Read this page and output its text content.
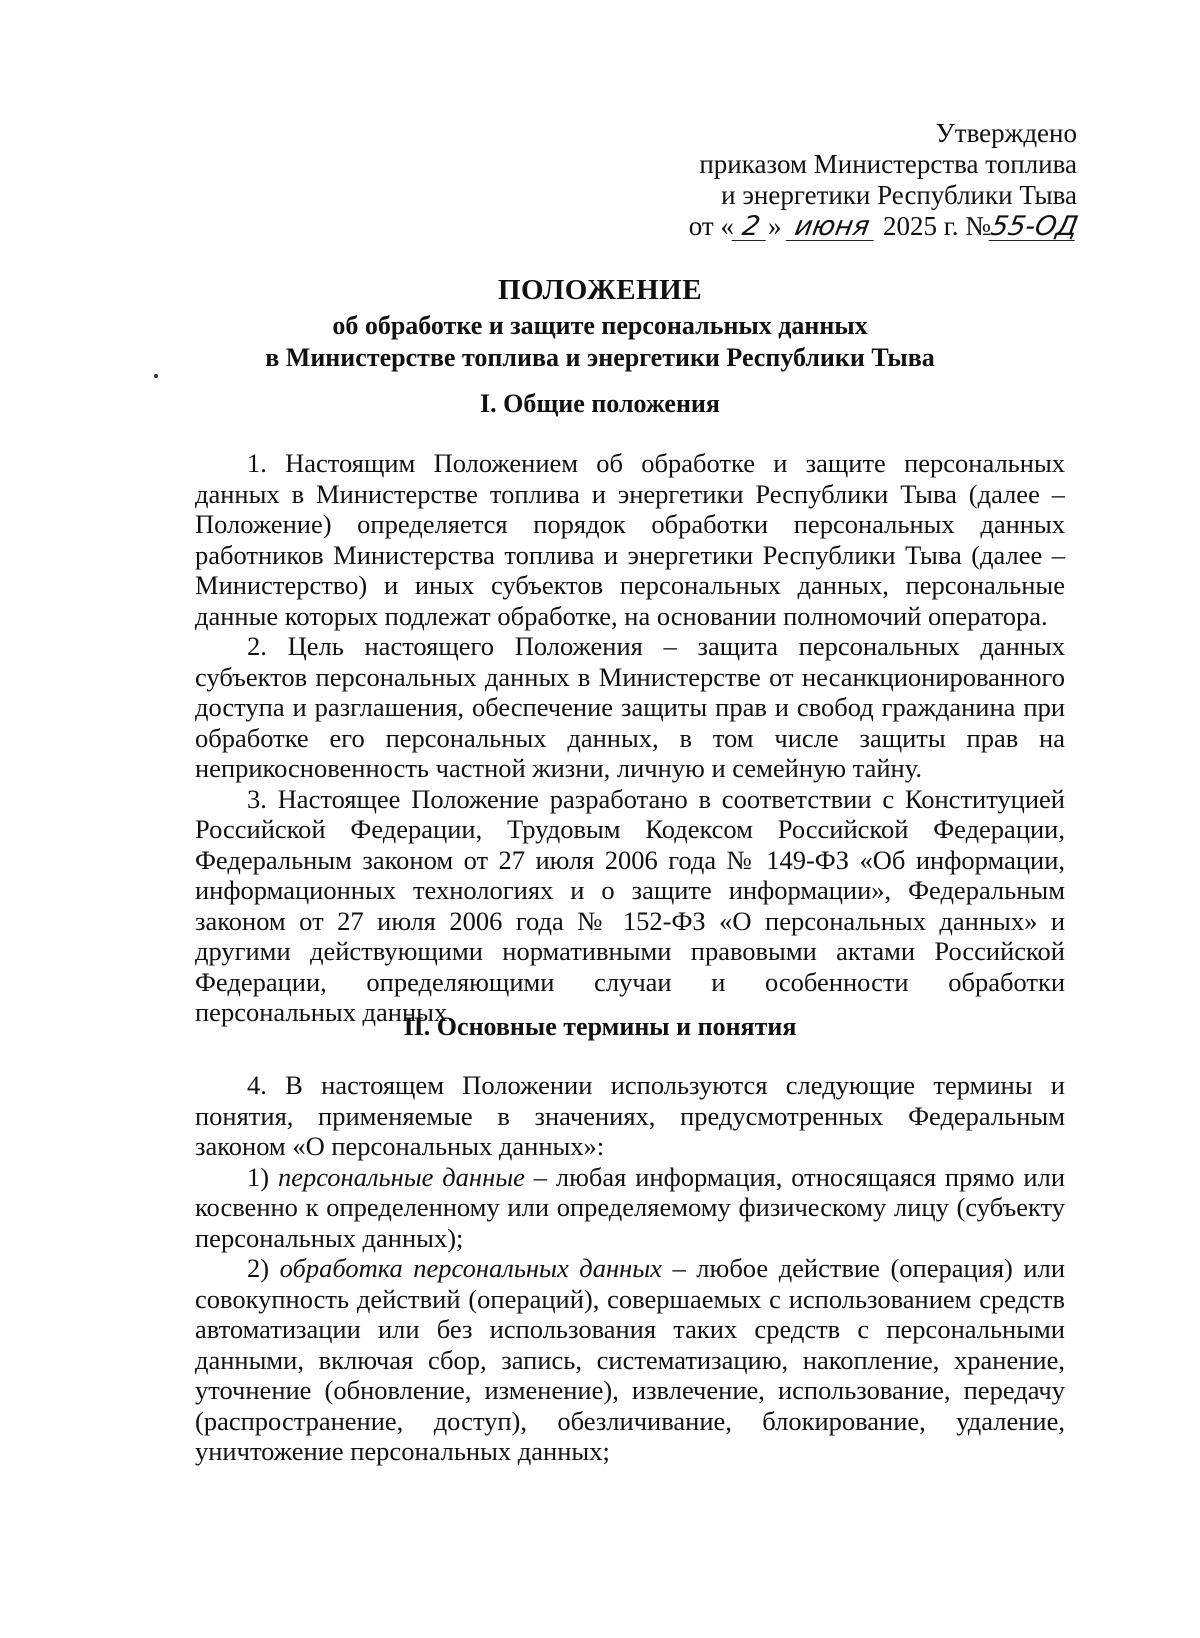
Утверждено
приказом Министерства топлива
и энергетики Республики Тыва
от « 2 » июня 2025 г. №55-ОД
ПОЛОЖЕНИЕ
об обработке и защите персональных данных
в Министерстве топлива и энергетики Республики Тыва
I. Общие положения

1. Настоящим Положением об обработке и защите персональных данных в Министерстве топлива и энергетики Республики Тыва (далее – Положение) определяется порядок обработки персональных данных работников Министерства топлива и энергетики Республики Тыва (далее – Министерство) и иных субъектов персональных данных, персональные данные которых подлежат обработке, на основании полномочий оператора.

2. Цель настоящего Положения – защита персональных данных субъектов персональных данных в Министерстве от несанкционированного доступа и разглашения, обеспечение защиты прав и свобод гражданина при обработке его персональных данных, в том числе защиты прав на неприкосновенность частной жизни, личную и семейную тайну.

3. Настоящее Положение разработано в соответствии с Конституцией Российской Федерации, Трудовым Кодексом Российской Федерации, Федеральным законом от 27 июля 2006 года № 149-ФЗ «Об информации, информационных технологиях и о защите информации», Федеральным законом от 27 июля 2006 года № 152-ФЗ «О персональных данных» и другими действующими нормативными правовыми актами Российской Федерации, определяющими случаи и особенности обработки персональных данных.

II. Основные термины и понятия

4. В настоящем Положении используются следующие термины и понятия, применяемые в значениях, предусмотренных Федеральным законом «О персональных данных»:

1) персональные данные – любая информация, относящаяся прямо или косвенно к определенному или определяемому физическому лицу (субъекту персональных данных);

2) обработка персональных данных – любое действие (операция) или совокупность действий (операций), совершаемых с использованием средств автоматизации или без использования таких средств с персональными данными, включая сбор, запись, систематизацию, накопление, хранение, уточнение (обновление, изменение), извлечение, использование, передачу (распространение, доступ), обезличивание, блокирование, удаление, уничтожение персональных данных;
